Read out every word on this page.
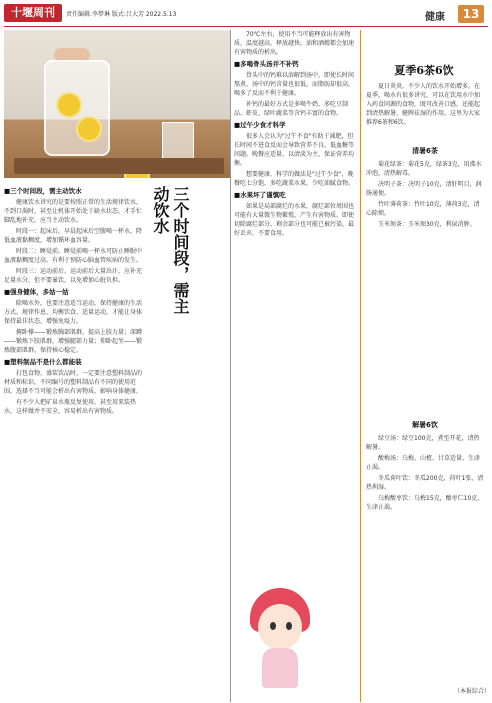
十堰周刊	责任编辑:李梦琳 版式:吕大芳 2022.5.13	健康	13
三个时间段，需主动饮水
■三个时间段，需主动饮水

健康饮水讲究的是要按照正常的生活规律饮水，不到口渴时，甚至让机体开始处于缺水状态，才手忙脚乱地补充。应当主动饮水。

时段一：起床后。早晨起床后空腹喝一杯水，降低血液黏稠度，增加循环血容量。

时段二：睡觉前。睡觉前喝一杯水可防止睡眠中血液黏稠度过高，有利于预防心脑血管疾病的发生。

时段三：运动前后。运动前后大量出汗，应补充足量水分，但不要暴饮，以免增加心脏负担。

■强身健体，多姑一姑

除喝水外，也要注意适当运动，保持健康的生活方式。规律作息、均衡饮食、适量运动，才能让身体保持最佳状态，增强免疫力。

俯卧撑——锻炼胸部肌群，提高上肢力量；深蹲——锻炼下肢肌群，增强腿部力量；仰卧起坐——锻炼腹部肌群，保持核心稳定。

■塑料制品不是什么都能装

打包食物、盛装饮品时，一定要注意塑料制品的材质和标识，不同编号的塑料制品有不同的使用范围，选择不当可能会析出有害物质，影响身体健康。

有不少人把矿泉水瓶反复使用，甚至用来装热水，这样做并不安全，容易析出有害物质。

70℃左右，使用不当可能释放出有害物质，温度越高，释放越快。油和酒精都会加速有害物质的析出。

■多喝骨头汤并不补钙

骨头中的钙难以溶解到汤中，即使长时间熬煮，汤中的钙含量也很低，而脂肪却很高，喝多了反而不利于健康。

补钙的最好方式是多喝牛奶、多吃豆制品、虾皮、绿叶蔬菜等含钙丰富的食物。

■过午少食才科学

很多人会认为"过午不食"有助于减肥，但长时间不进食反而会导致营养不良、低血糖等问题。晚餐应适量，以清淡为主，保证营养均衡。

想要健康，科学的做法是"过午少食"，晚餐吃七分饱，多吃蔬菜水果，少吃油腻食物。

■水果坏了谨慎吃

如果是局部腐烂的水果，腐烂部位周围也可能有大量微生物繁殖，产生有害物质。即使切除腐烂部分，剩余部分也可能已被污染，最好丢弃，不要食用。

夏季6茶6饮

夏日炎炎，不少人的饮水开始增多。在夏季，喝水有很多讲究，可以在饮用水中加入药食同源的食物，既可改善口感，还能起到清热解暑、健脾祛湿的作用。这里为大家推荐6茶和6饮。

清暑6茶

菊花绿茶：菊花5克，绿茶3克，用沸水冲泡，清热解毒。

决明子茶：决明子10克，清肝明目，润肠通便。

竹叶薄荷茶：竹叶10克，薄荷3克，清心除烦。

玉米须茶：玉米须30克，利尿消肿。

解暑6饮

绿豆汤：绿豆100克，煮至开花，清热解暑。

酸梅汤：乌梅、山楂、甘草适量，生津止渴。

冬瓜荷叶饮：冬瓜200克，荷叶1张，清热利湿。

乌梅酸枣饮：乌梅15克，酸枣仁10克，生津止渴。

（本报综合）
